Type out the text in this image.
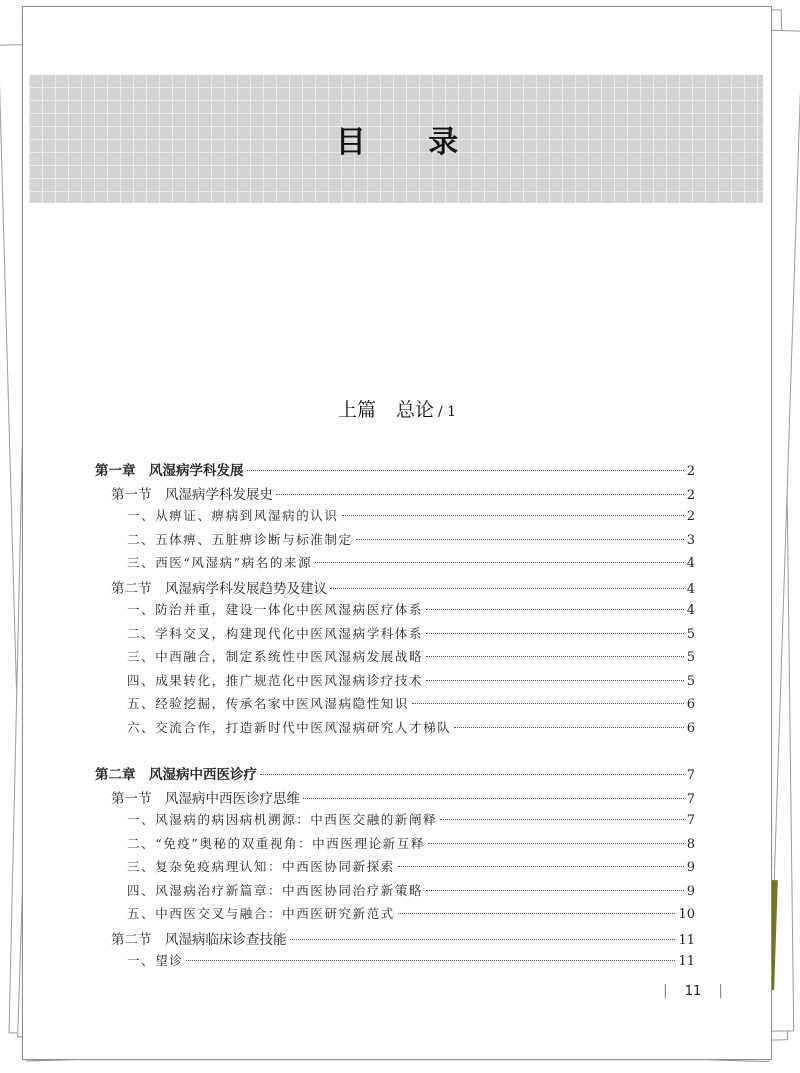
目 录
上篇 总论 / 1
第一章　风湿病学科发展	2
第一节　风湿病学科发展史	2
一、从痹证、痹病到风湿病的认识	2
二、五体痹、五脏痹诊断与标准制定	3
三、西医“风湿病”病名的来源	4
第二节　风湿病学科发展趋势及建议	4
一、防治并重，建设一体化中医风湿病医疗体系	4
二、学科交叉，构建现代化中医风湿病学科体系	5
三、中西融合，制定系统性中医风湿病发展战略	5
四、成果转化，推广规范化中医风湿病诊疗技术	5
五、经验挖掘，传承名家中医风湿病隐性知识	6
六、交流合作，打造新时代中医风湿病研究人才梯队	6
第二章　风湿病中西医诊疗	7
第一节　风湿病中西医诊疗思维	7
一、风湿病的病因病机溯源：中西医交融的新阐释	7
二、“免疫”奥秘的双重视角：中西医理论新互释	8
三、复杂免疫病理认知：中西医协同新探索	9
四、风湿病治疗新篇章：中西医协同治疗新策略	9
五、中西医交叉与融合：中西医研究新范式	10
第二节　风湿病临床诊查技能	11
一、望诊	11
| 11 |
